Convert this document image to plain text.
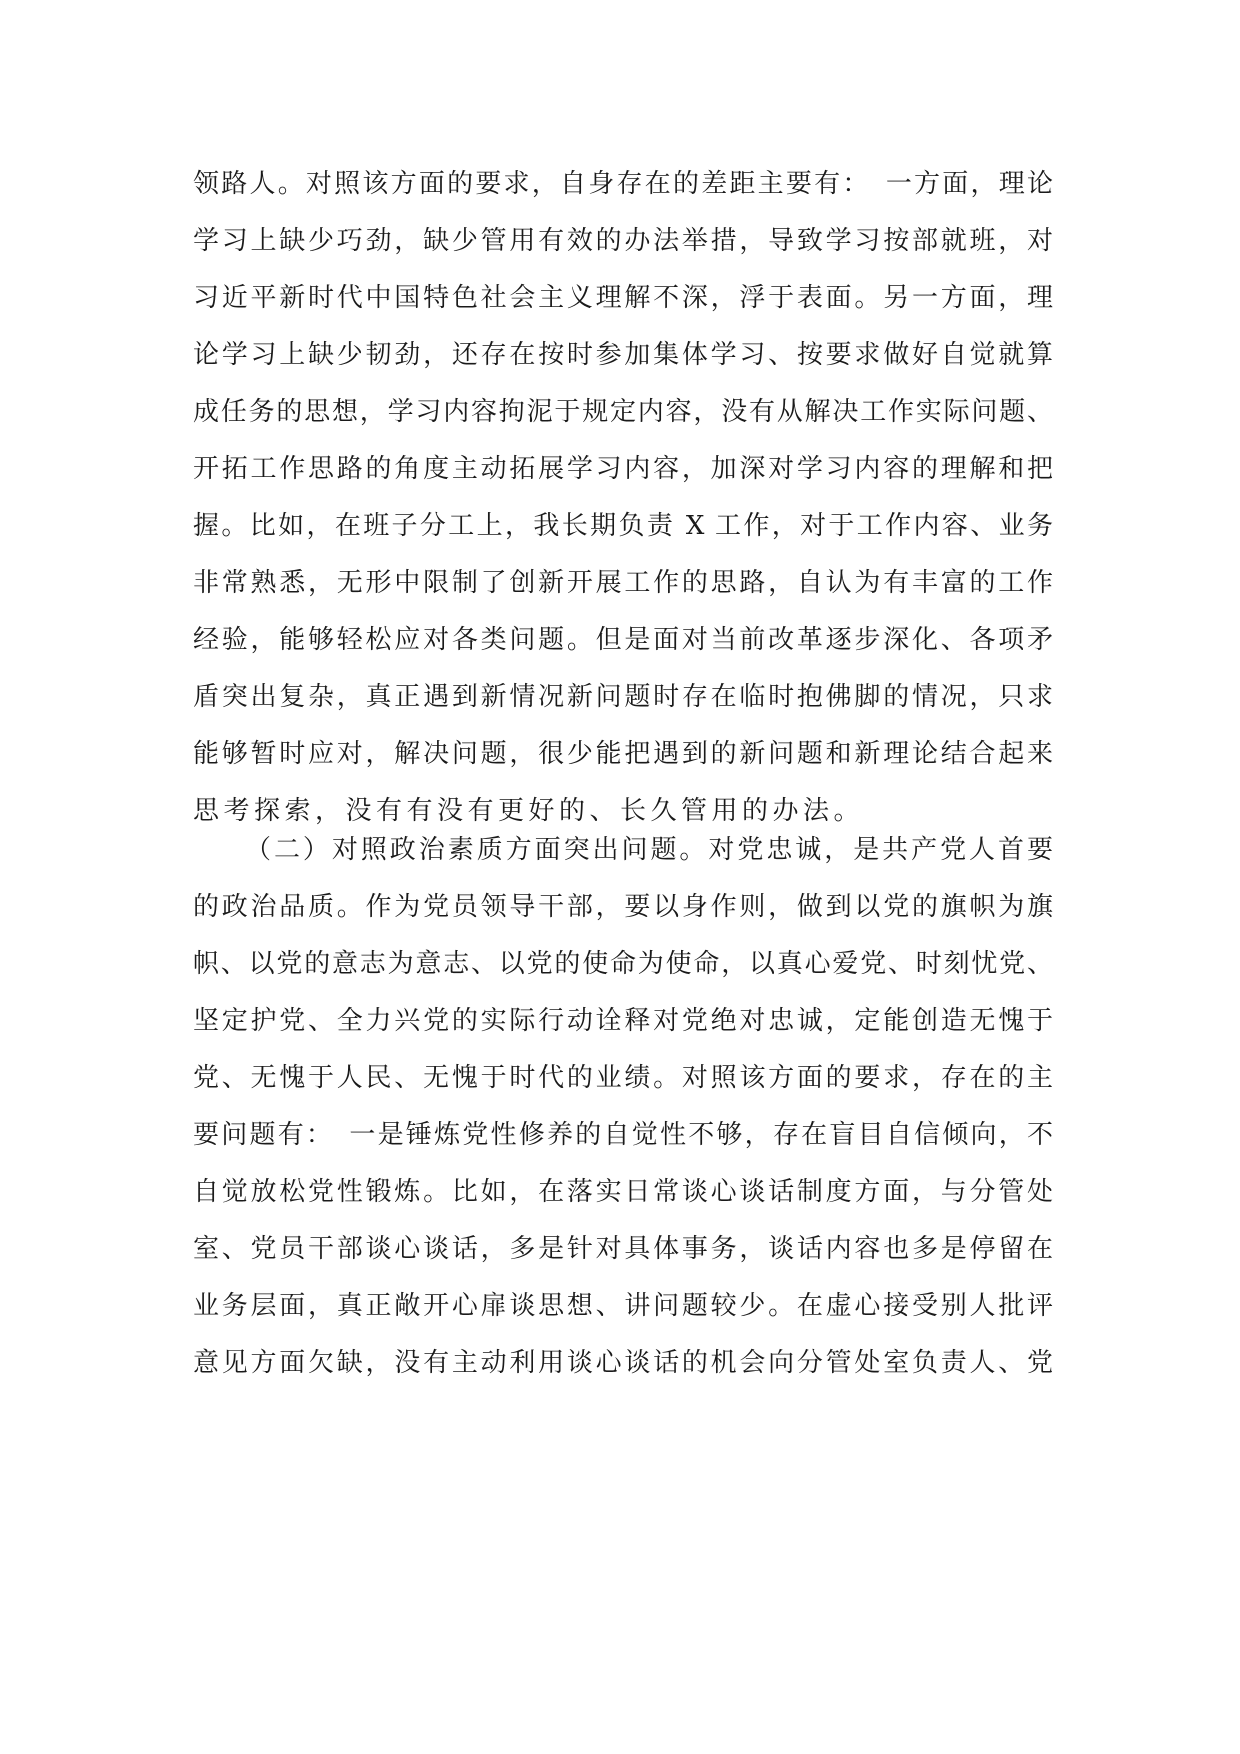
领路人。对照该方面的要求，自身存在的差距主要有：　一方面，理论
学习上缺少巧劲，缺少管用有效的办法举措，导致学习按部就班，对
习近平新时代中国特色社会主义理解不深，浮于表面。另一方面，理
论学习上缺少韧劲，还存在按时参加集体学习、按要求做好自觉就算
成任务的思想，学习内容拘泥于规定内容，没有从解决工作实际问题、
开拓工作思路的角度主动拓展学习内容，加深对学习内容的理解和把
握。比如，在班子分工上，我长期负责 X 工作，对于工作内容、业务
非常熟悉，无形中限制了创新开展工作的思路，自认为有丰富的工作
经验，能够轻松应对各类问题。但是面对当前改革逐步深化、各项矛
盾突出复杂，真正遇到新情况新问题时存在临时抱佛脚的情况，只求
能够暂时应对，解决问题，很少能把遇到的新问题和新理论结合起来
思考探索，没有有没有更好的、长久管用的办法。
（二）对照政治素质方面突出问题。对党忠诚，是共产党人首要
的政治品质。作为党员领导干部，要以身作则，做到以党的旗帜为旗
帜、以党的意志为意志、以党的使命为使命，以真心爱党、时刻忧党、
坚定护党、全力兴党的实际行动诠释对党绝对忠诚，定能创造无愧于
党、无愧于人民、无愧于时代的业绩。对照该方面的要求，存在的主
要问题有：　一是锤炼党性修养的自觉性不够，存在盲目自信倾向，不
自觉放松党性锻炼。比如，在落实日常谈心谈话制度方面，与分管处
室、党员干部谈心谈话，多是针对具体事务，谈话内容也多是停留在
业务层面，真正敞开心扉谈思想、讲问题较少。在虚心接受别人批评
意见方面欠缺，没有主动利用谈心谈话的机会向分管处室负责人、党
